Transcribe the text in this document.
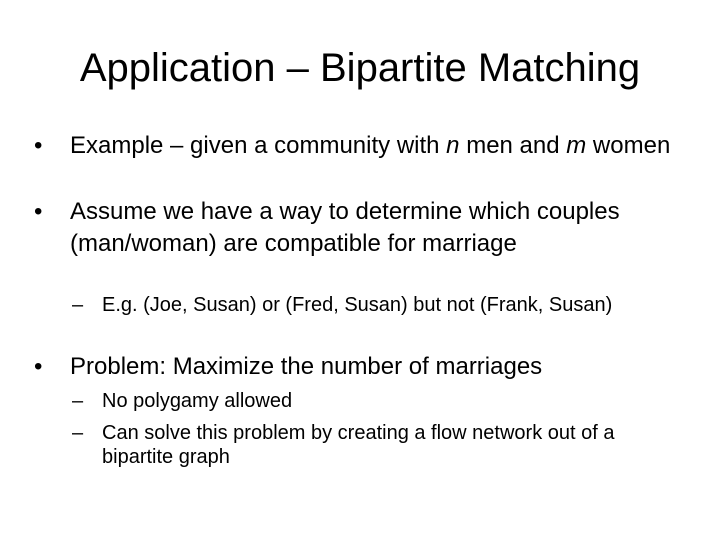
Application – Bipartite Matching
• Example – given a community with n men and m women
• Assume we have a way to determine which couples (man/woman) are compatible for marriage
– E.g. (Joe, Susan) or (Fred, Susan) but not (Frank, Susan)
• Problem: Maximize the number of marriages
– No polygamy allowed
– Can solve this problem by creating a flow network out of a bipartite graph
